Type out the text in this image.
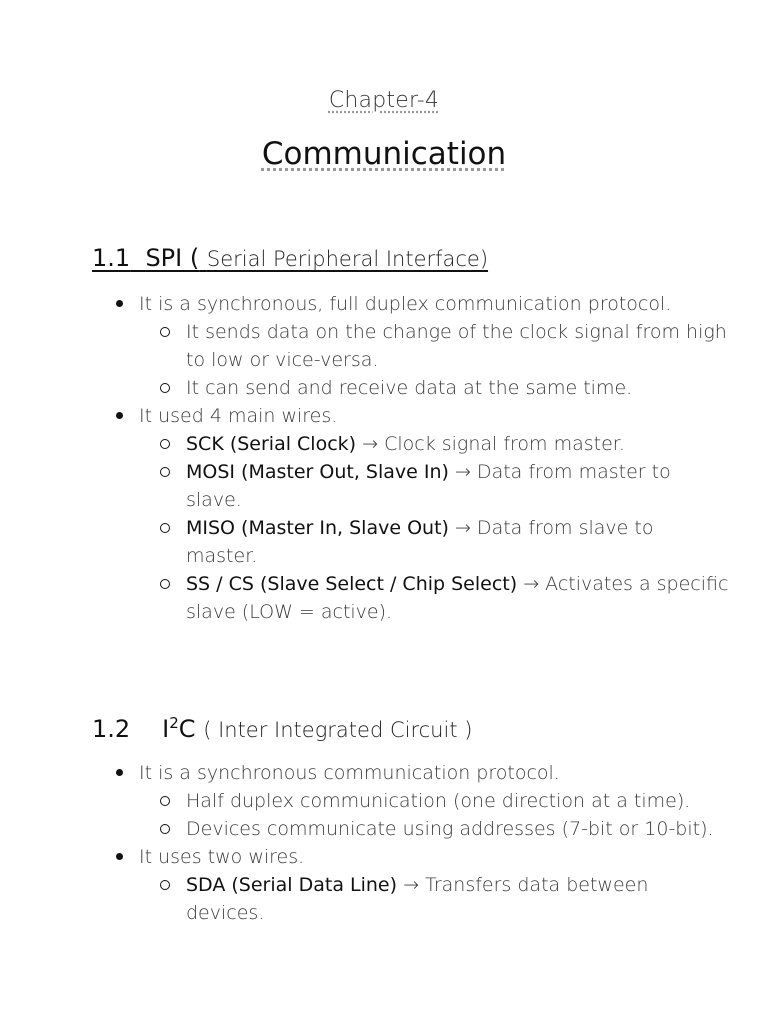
Chapter-4
Communication
1.1 SPI ( Serial Peripheral Interface)
It is a synchronous, full duplex communication protocol.
It sends data on the change of the clock signal from high
to low or vice-versa.
It can send and receive data at the same time.
It used 4 main wires.
SCK (Serial Clock) → Clock signal from master.
MOSI (Master Out, Slave In) → Data from master to
slave.
MISO (Master In, Slave Out) → Data from slave to
master.
SS / CS (Slave Select / Chip Select) → Activates a specific
slave (LOW = active).
1.2 $I^2C$ ( Inter Integrated Circuit )
It is a synchronous communication protocol.
Half duplex communication (one direction at a time).
Devices communicate using addresses (7-bit or 10-bit).
It uses two wires.
SDA (Serial Data Line) → Transfers data between
devices.
